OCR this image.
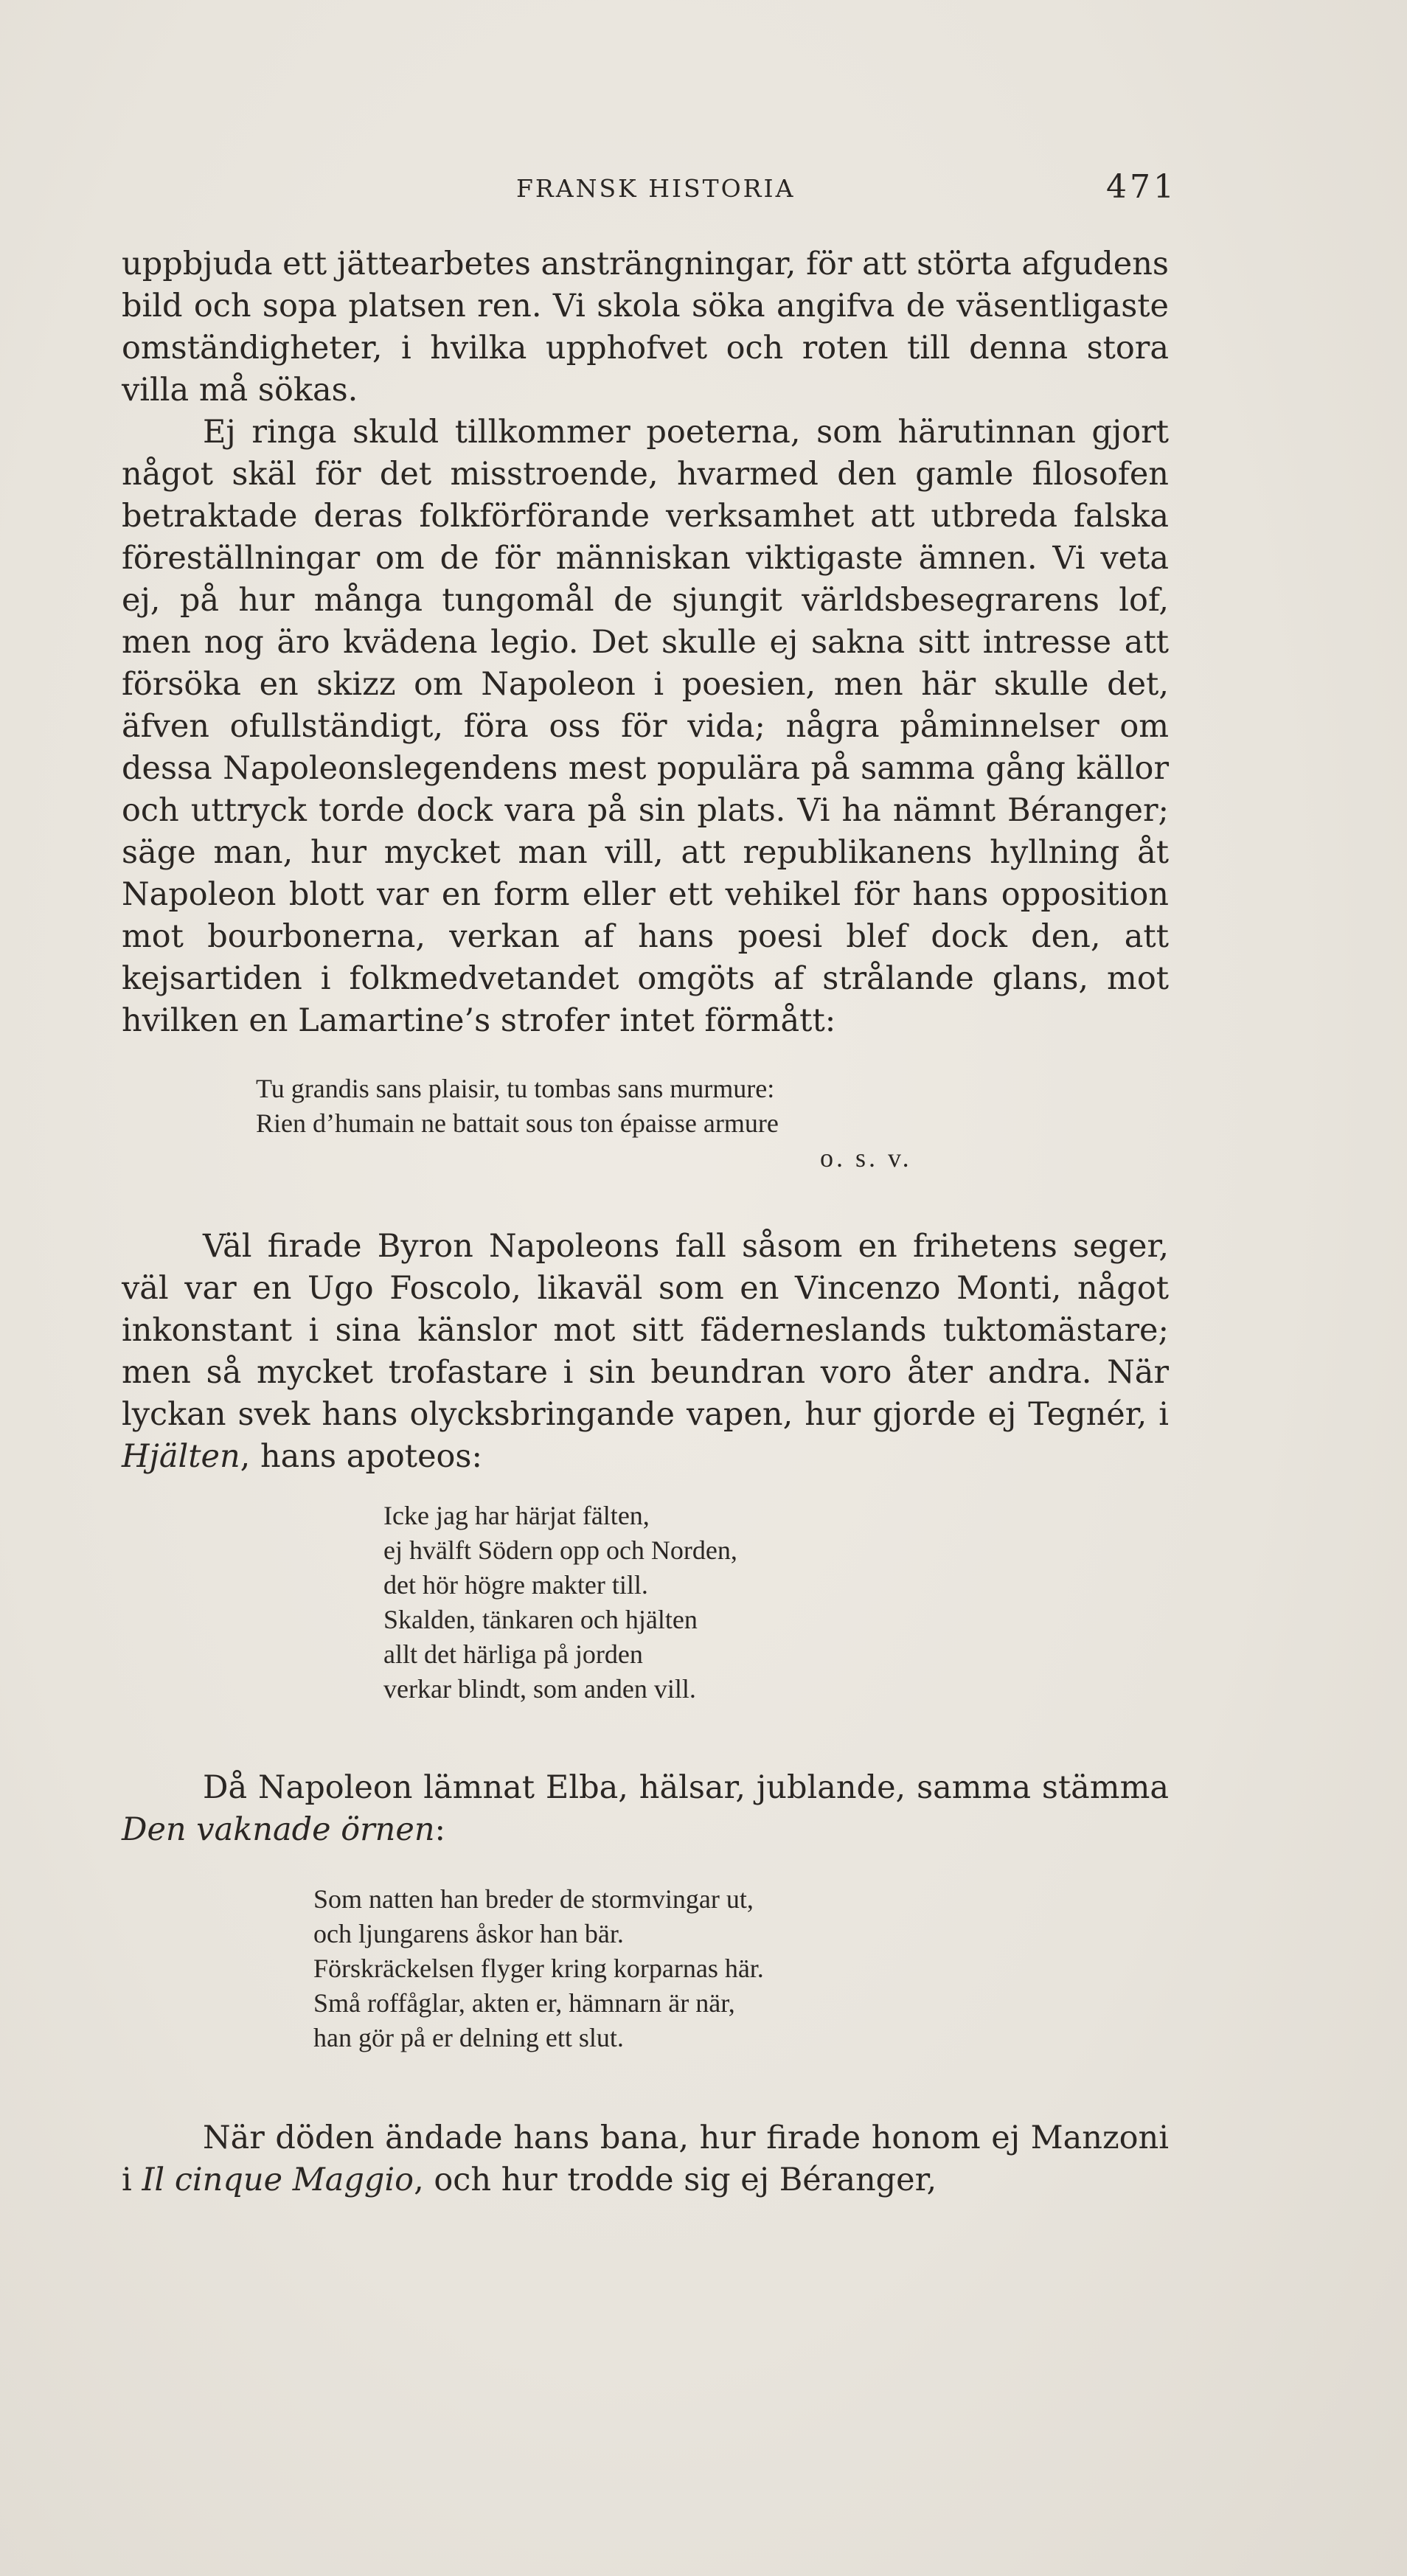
FRANSK HISTORIA	471

uppbjuda ett jättearbetes ansträngningar, för att störta afgudens bild och sopa platsen ren. Vi skola söka angifva de väsentligaste omständigheter, i hvilka upphofvet och roten till denna stora villa må sökas.

Ej ringa skuld tillkommer poeterna, som härutinnan gjort något skäl för det misstroende, hvarmed den gamle filosofen betraktade deras folkförförande verksamhet att utbreda falska föreställningar om de för människan viktigaste ämnen. Vi veta ej, på hur många tungomål de sjungit världsbesegrarens lof, men nog äro kvädena legio. Det skulle ej sakna sitt intresse att försöka en skizz om Napoleon i poesien, men här skulle det, äfven ofullständigt, föra oss för vida; några påminnelser om dessa Napoleonslegendens mest populära på samma gång källor och uttryck torde dock vara på sin plats. Vi ha nämnt Béranger; säge man, hur mycket man vill, att republikanens hyllning åt Napoleon blott var en form eller ett vehikel för hans opposition mot bourbonerna, verkan af hans poesi blef dock den, att kejsartiden i folkmedvetandet omgöts af strålande glans, mot hvilken en Lamartine’s strofer intet förmått:

Tu grandis sans plaisir, tu tombas sans murmure:
Rien d’humain ne battait sous ton épaisse armure
o. s. v.

Väl firade Byron Napoleons fall såsom en frihetens seger, väl var en Ugo Foscolo, likaväl som en Vincenzo Monti, något inkonstant i sina känslor mot sitt fäderneslands tuktomästare; men så mycket trofastare i sin beundran voro åter andra. När lyckan svek hans olycksbringande vapen, hur gjorde ej Tegnér, i Hjälten, hans apoteos:

Icke jag har härjat fälten,
ej hvälft Södern opp och Norden,
det hör högre makter till.
Skalden, tänkaren och hjälten
allt det härliga på jorden
verkar blindt, som anden vill.

Då Napoleon lämnat Elba, hälsar, jublande, samma stämma Den vaknade örnen:

Som natten han breder de stormvingar ut,
och ljungarens åskor han bär.
Förskräckelsen flyger kring korparnas här.
Små roffåglar, akten er, hämnarn är när,
han gör på er delning ett slut.

När döden ändade hans bana, hur firade honom ej Manzoni i Il cinque Maggio, och hur trodde sig ej Béranger,
